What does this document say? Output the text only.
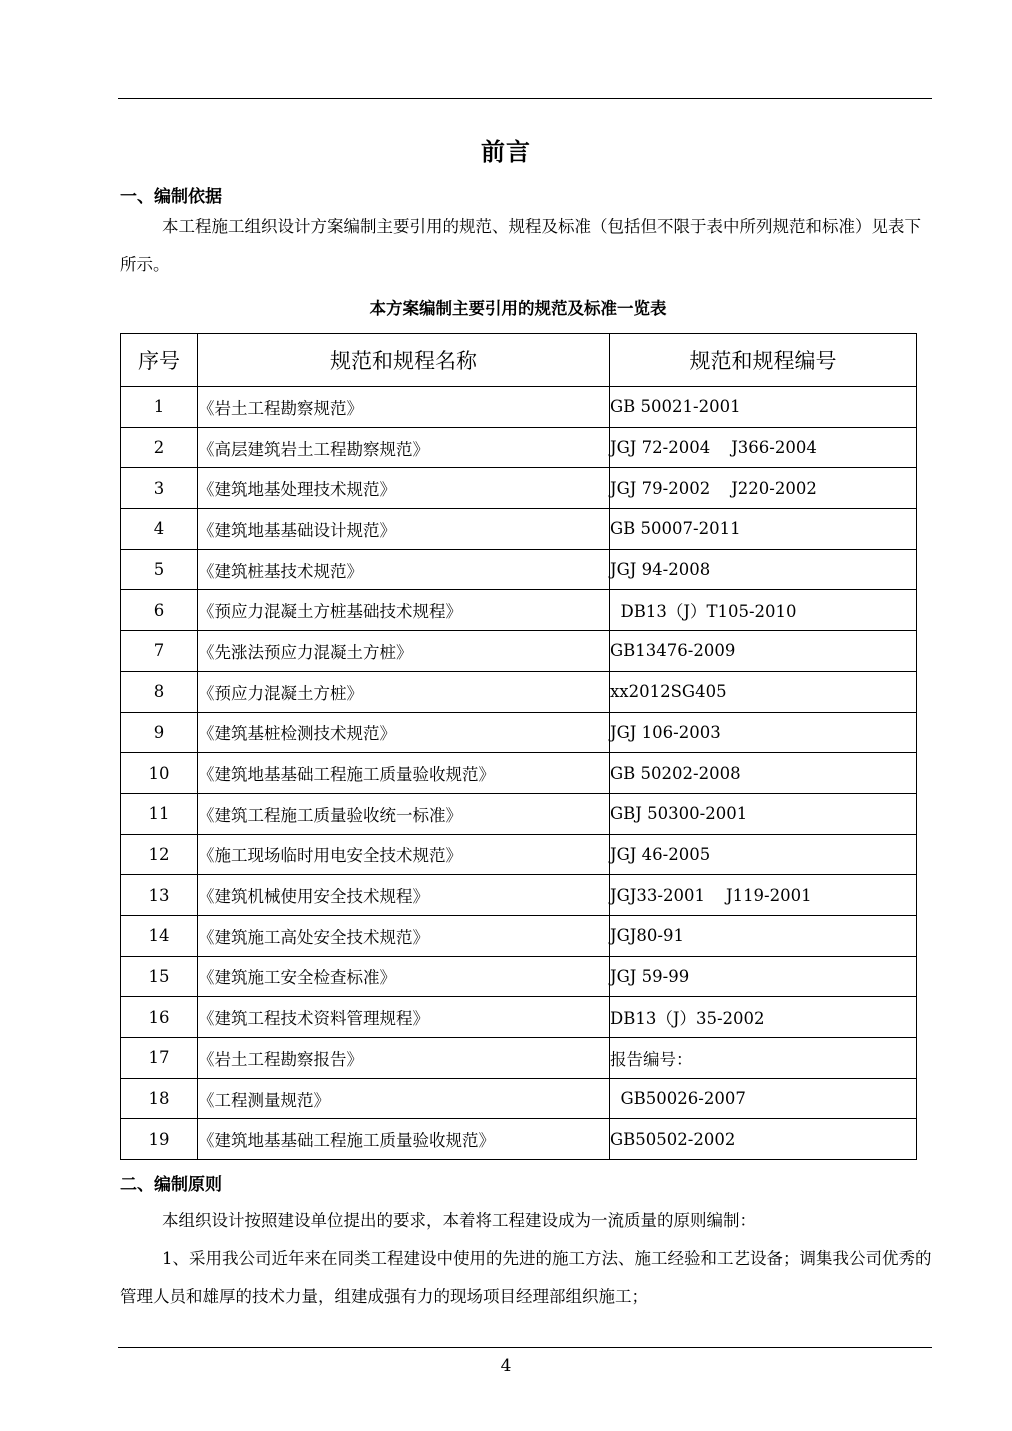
前言
一、编制依据

本工程施工组织设计方案编制主要引用的规范、规程及标准（包括但不限于表中所列规范和标准）见表下所示。

本方案编制主要引用的规范及标准一览表
序号	规范和规程名称	规范和规程编号
1	《岩土工程勘察规范》	GB 50021-2001
2	《高层建筑岩土工程勘察规范》	JGJ 72-2004    J366-2004
3	《建筑地基处理技术规范》	JGJ 79-2002    J220-2002
4	《建筑地基基础设计规范》	GB 50007-2011
5	《建筑桩基技术规范》	JGJ 94-2008
6	《预应力混凝土方桩基础技术规程》	DB13（J）T105-2010
7	《先涨法预应力混凝土方桩》	GB13476-2009
8	《预应力混凝土方桩》	xx2012SG405
9	《建筑基桩检测技术规范》	JGJ 106-2003
10	《建筑地基基础工程施工质量验收规范》	GB 50202-2008
11	《建筑工程施工质量验收统一标准》	GBJ 50300-2001
12	《施工现场临时用电安全技术规范》	JGJ 46-2005
13	《建筑机械使用安全技术规程》	JGJ33-2001    J119-2001
14	《建筑施工高处安全技术规范》	JGJ80-91
15	《建筑施工安全检查标准》	JGJ 59-99
16	《建筑工程技术资料管理规程》	DB13（J）35-2002
17	《岩土工程勘察报告》	报告编号：
18	《工程测量规范》	GB50026-2007
19	《建筑地基基础工程施工质量验收规范》	GB50502-2002
二、编制原则

本组织设计按照建设单位提出的要求，本着将工程建设成为一流质量的原则编制：

1、采用我公司近年来在同类工程建设中使用的先进的施工方法、施工经验和工艺设备；调集我公司优秀的管理人员和雄厚的技术力量，组建成强有力的现场项目经理部组织施工；

4
